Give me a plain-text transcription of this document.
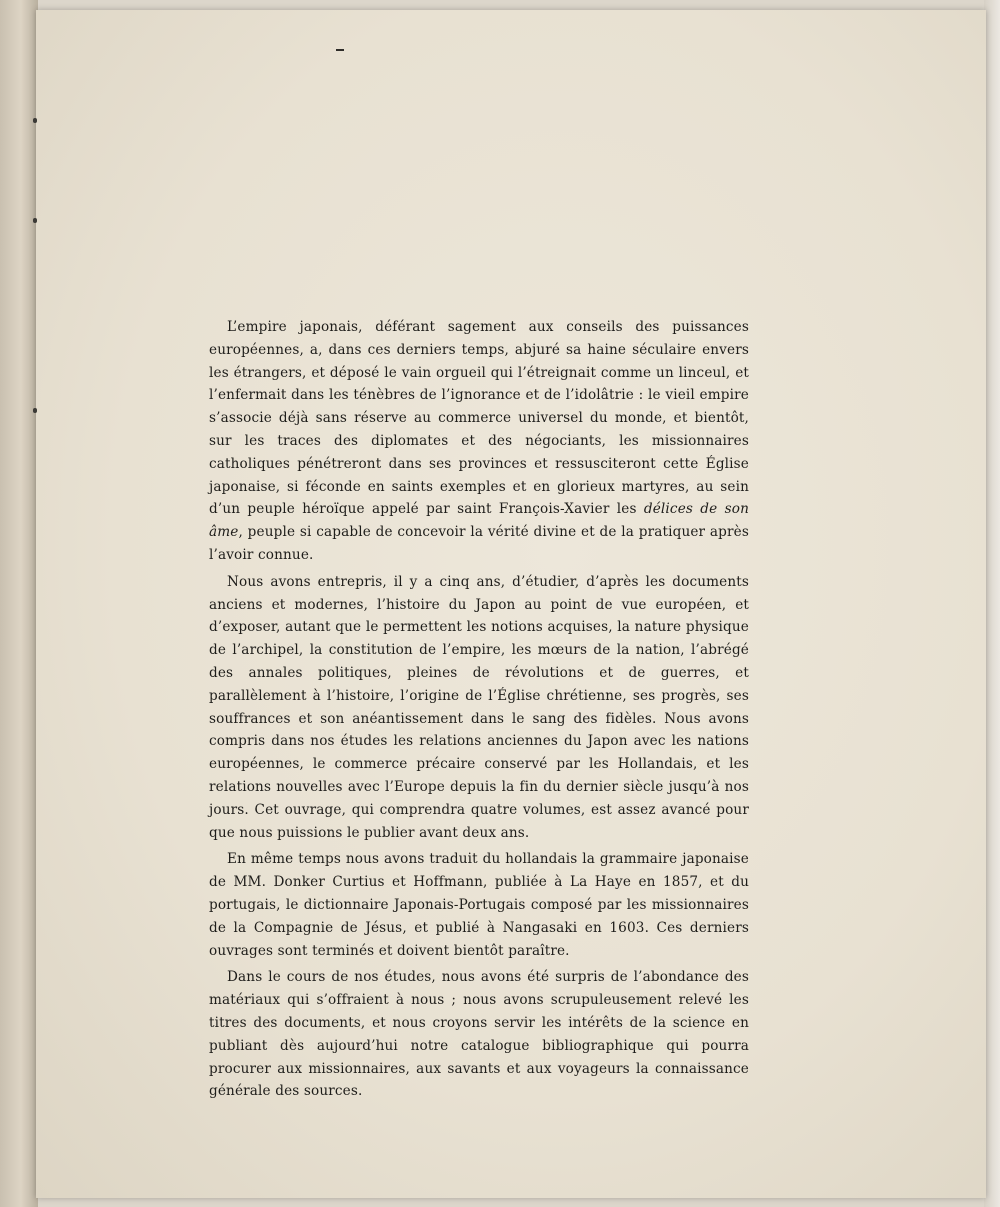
L’empire japonais, déférant sagement aux conseils des puissances européennes, a, dans ces derniers temps, abjuré sa haine séculaire envers les étrangers, et déposé le vain orgueil qui l’étreignait comme un linceul, et l’enfermait dans les ténèbres de l’ignorance et de l’idolâtrie : le vieil empire s’associe déjà sans réserve au commerce universel du monde, et bientôt, sur les traces des diplomates et des négociants, les missionnaires catholiques pénétreront dans ses provinces et ressusciteront cette Église japonaise, si féconde en saints exemples et en glorieux martyres, au sein d’un peuple héroïque appelé par saint François-Xavier les délices de son âme, peuple si capable de concevoir la vérité divine et de la pratiquer après l’avoir connue.

Nous avons entrepris, il y a cinq ans, d’étudier, d’après les documents anciens et modernes, l’histoire du Japon au point de vue européen, et d’exposer, autant que le permettent les notions acquises, la nature physique de l’archipel, la constitution de l’empire, les mœurs de la nation, l’abrégé des annales politiques, pleines de révolutions et de guerres, et parallèlement à l’histoire, l’origine de l’Église chrétienne, ses progrès, ses souffrances et son anéantissement dans le sang des fidèles. Nous avons compris dans nos études les relations anciennes du Japon avec les nations européennes, le commerce précaire conservé par les Hollandais, et les relations nouvelles avec l’Europe depuis la fin du dernier siècle jusqu’à nos jours. Cet ouvrage, qui comprendra quatre volumes, est assez avancé pour que nous puissions le publier avant deux ans.

En même temps nous avons traduit du hollandais la grammaire japonaise de MM. Donker Curtius et Hoffmann, publiée à La Haye en 1857, et du portugais, le dictionnaire Japonais-Portugais composé par les missionnaires de la Compagnie de Jésus, et publié à Nangasaki en 1603. Ces derniers ouvrages sont terminés et doivent bientôt paraître.

Dans le cours de nos études, nous avons été surpris de l’abondance des matériaux qui s’offraient à nous ; nous avons scrupuleusement relevé les titres des documents, et nous croyons servir les intérêts de la science en publiant dès aujourd’hui notre catalogue bibliographique qui pourra procurer aux missionnaires, aux savants et aux voyageurs la connaissance générale des sources.
